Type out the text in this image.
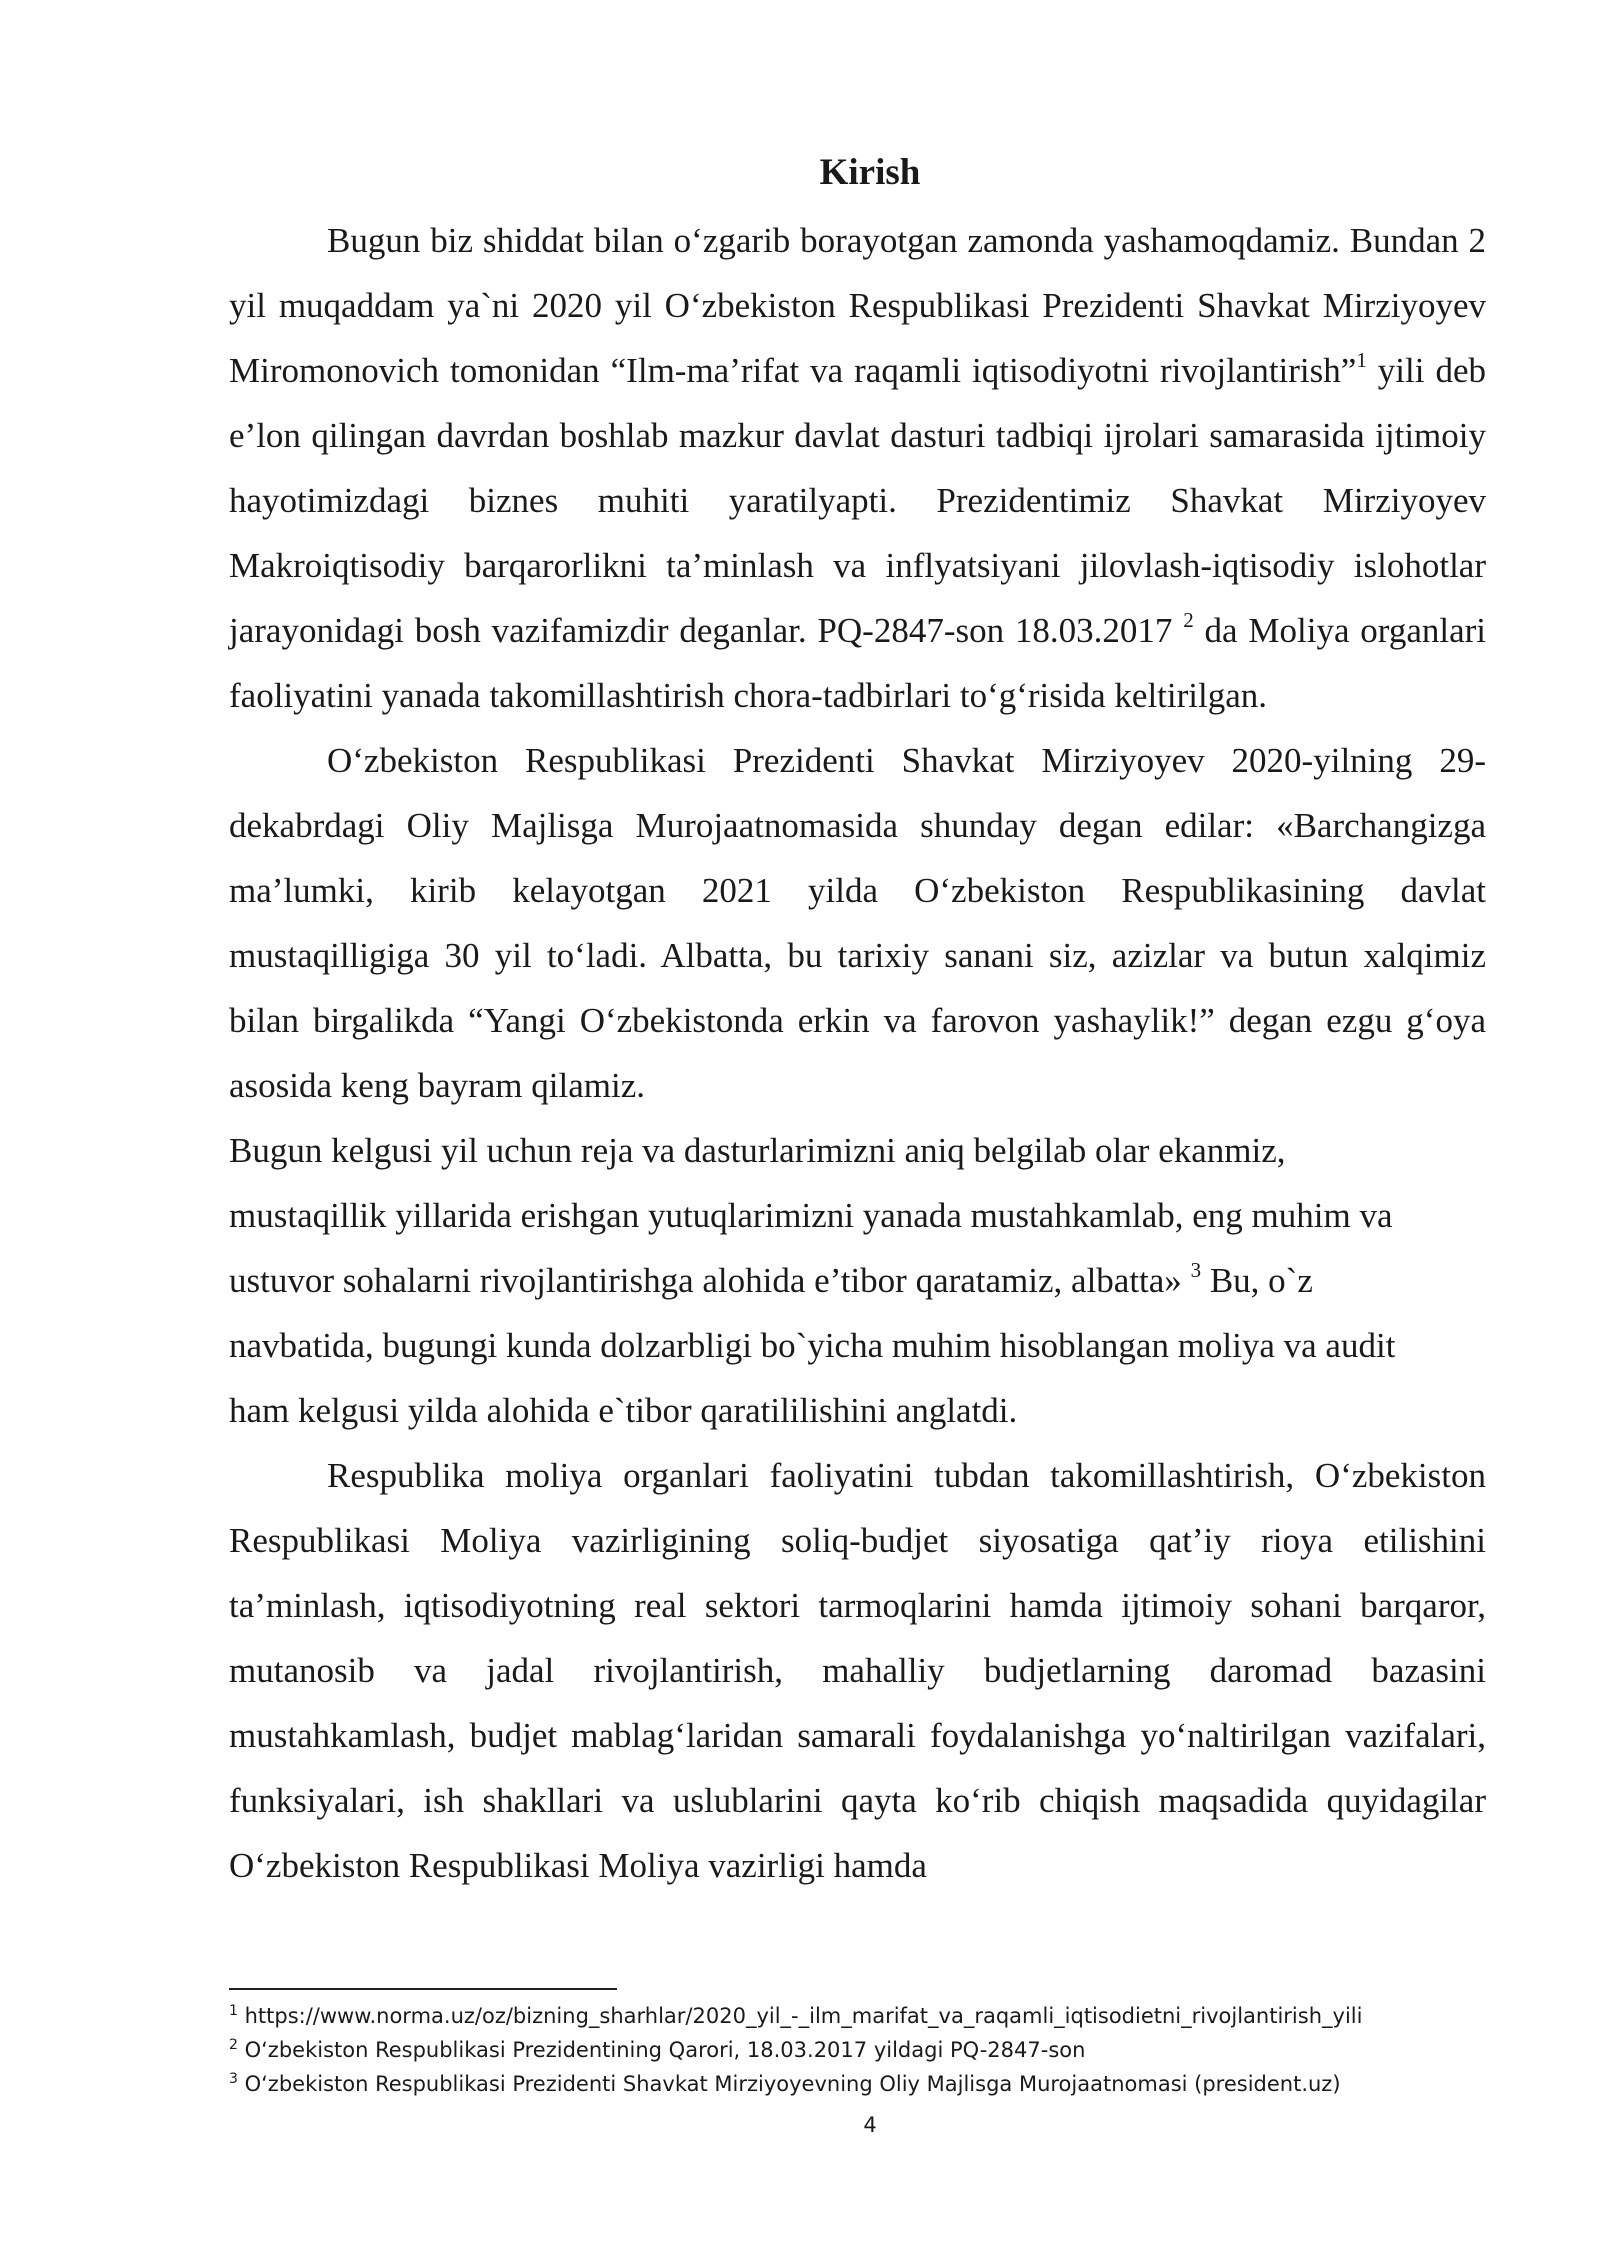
Kirish

Bugun biz shiddat bilan o‘zgarib borayotgan zamonda yashamoqdamiz. Bundan 2 yil muqaddam ya`ni 2020 yil O‘zbekiston Respublikasi Prezidenti Shavkat Mirziyoyev Miromonovich tomonidan “Ilm-ma’rifat va raqamli iqtisodiyotni rivojlantirish”$^1$ yili deb e’lon qilingan davrdan boshlab mazkur davlat dasturi tadbiqi ijrolari samarasida ijtimoiy hayotimizdagi biznes muhiti yaratilyapti. Prezidentimiz Shavkat Mirziyoyev Makroiqtisodiy barqarorlikni ta’minlash va inflyatsiyani jilovlash-iqtisodiy islohotlar jarayonidagi bosh vazifamizdir deganlar. PQ-2847-son 18.03.2017 $^2$ da Moliya organlari faoliyatini yanada takomillashtirish chora-tadbirlari to‘g‘risida keltirilgan.

O‘zbekiston Respublikasi Prezidenti Shavkat Mirziyoyev 2020-yilning 29-dekabrdagi Oliy Majlisga Murojaatnomasida shunday degan edilar: «Barchangizga ma’lumki, kirib kelayotgan 2021 yilda O‘zbekiston Respublikasining davlat mustaqilligiga 30 yil to‘ladi. Albatta, bu tarixiy sanani siz, azizlar va butun xalqimiz bilan birgalikda “Yangi O‘zbekistonda erkin va farovon yashaylik!” degan ezgu g‘oya asosida keng bayram qilamiz.

Bugun kelgusi yil uchun reja va dasturlarimizni aniq belgilab olar ekanmiz,
mustaqillik yillarida erishgan yutuqlarimizni yanada mustahkamlab, eng muhim va
ustuvor sohalarni rivojlantirishga alohida e’tibor qaratamiz, albatta» $^3$ Bu, o`z
navbatida, bugungi kunda dolzarbligi bo`yicha muhim hisoblangan moliya va audit
ham kelgusi yilda alohida e`tibor qaratililishini anglatdi.

Respublika moliya organlari faoliyatini tubdan takomillashtirish, O‘zbekiston Respublikasi Moliya vazirligining soliq-budjet siyosatiga qat’iy rioya etilishini ta’minlash, iqtisodiyotning real sektori tarmoqlarini hamda ijtimoiy sohani barqaror, mutanosib va jadal rivojlantirish, mahalliy budjetlarning daromad bazasini mustahkamlash, budjet mablag‘laridan samarali foydalanishga yo‘naltirilgan vazifalari, funksiyalari, ish shakllari va uslublarini qayta ko‘rib chiqish maqsadida quyidagilar O‘zbekiston Respublikasi Moliya vazirligi hamda

$^1$ https://www.norma.uz/oz/bizning_sharhlar/2020_yil_-_ilm_marifat_va_raqamli_iqtisodietni_rivojlantirish_yili

$^2$ O‘zbekiston Respublikasi Prezidentining Qarori, 18.03.2017 yildagi PQ-2847-son

$^3$ O‘zbekiston Respublikasi Prezidenti Shavkat Mirziyoyevning Oliy Majlisga Murojaatnomasi (president.uz)

4
